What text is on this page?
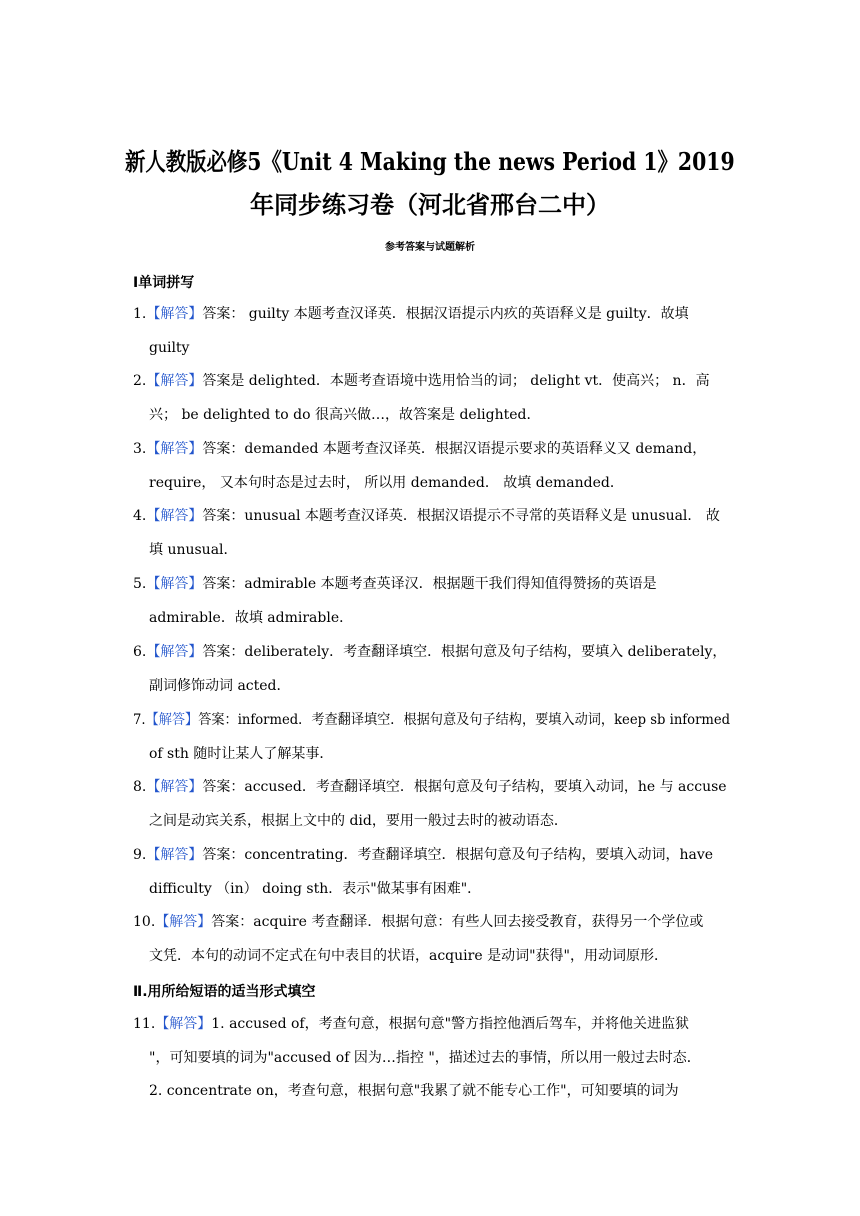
新人教版必修5《Unit 4 Making the news Period 1》2019
年同步练习卷（河北省邢台二中）
参考答案与试题解析
Ⅰ单词拼写
1.【解答】答案： guilty 本题考查汉译英．根据汉语提示内疚的英语释义是 guilty．故填
guilty
2.【解答】答案是 delighted．本题考查语境中选用恰当的词； delight vt．使高兴； n．高
兴； be delighted to do 很高兴做…，故答案是 delighted．
3.【解答】答案：demanded 本题考查汉译英．根据汉语提示要求的英语释义又 demand，
require， 又本句时态是过去时， 所以用 demanded． 故填 demanded．
4.【解答】答案：unusual 本题考查汉译英．根据汉语提示不寻常的英语释义是 unusual． 故
填 unusual．
5.【解答】答案：admirable 本题考查英译汉．根据题干我们得知值得赞扬的英语是
admirable．故填 admirable．
6.【解答】答案：deliberately．考查翻译填空．根据句意及句子结构，要填入 deliberately，
副词修饰动词 acted．
7.【解答】答案：informed．考查翻译填空．根据句意及句子结构，要填入动词，keep sb informed
of sth 随时让某人了解某事．
8.【解答】答案：accused．考查翻译填空．根据句意及句子结构，要填入动词，he 与 accuse
之间是动宾关系，根据上文中的 did，要用一般过去时的被动语态．
9.【解答】答案：concentrating．考查翻译填空．根据句意及句子结构，要填入动词，have
difficulty （in） doing sth．表示"做某事有困难"．
10.【解答】答案：acquire 考查翻译．根据句意：有些人回去接受教育，获得另一个学位或
文凭．本句的动词不定式在句中表目的状语，acquire 是动词"获得"，用动词原形．
Ⅱ.用所给短语的适当形式填空
11.【解答】1. accused of，考查句意，根据句意"警方指控他酒后驾车，并将他关进监狱
"，可知要填的词为"accused of 因为…指控 "，描述过去的事情，所以用一般过去时态．
2. concentrate on，考查句意，根据句意"我累了就不能专心工作"，可知要填的词为
